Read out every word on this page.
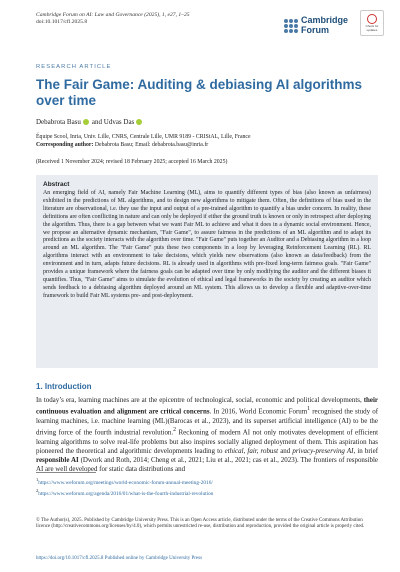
Cambridge Forum on AI: Law and Governance (2025), 1, e27, 1–25
doi:10.1017/cfl.2025.8	Cambridge
Forum	Check for updates
RESEARCH ARTICLE
The Fair Game: Auditing & debiasing AI algorithms over time
Debabrota Basu and Udvas Das
Équipe Scool, Inria, Univ. Lille, CNRS, Centrale Lille, UMR 9189 - CRIStAL, Lille, France
Corresponding author: Debabrota Basu; Email: debabrota.basu@inria.fr
(Received 1 November 2024; revised 18 February 2025; accepted 16 March 2025)
Abstract

An emerging field of AI, namely Fair Machine Learning (ML), aims to quantify different types of bias (also known as unfairness) exhibited in the predictions of ML algorithms, and to design new algorithms to mitigate them. Often, the definitions of bias used in the literature are observational, i.e. they use the input and output of a pre-trained algorithm to quantify a bias under concern. In reality, these definitions are often conflicting in nature and can only be deployed if either the ground truth is known or only in retrospect after deploying the algorithm. Thus, there is a gap between what we want Fair ML to achieve and what it does in a dynamic social environment. Hence, we propose an alternative dynamic mechanism, "Fair Game", to assure fairness in the predictions of an ML algorithm and to adapt its predictions as the society interacts with the algorithm over time. "Fair Game" puts together an Auditor and a Debiasing algorithm in a loop around an ML algorithm. The "Fair Game" puts these two components in a loop by leveraging Reinforcement Learning (RL). RL algorithms interact with an environment to take decisions, which yields new observations (also known as data/feedback) from the environment and in turn, adapts future decisions. RL is already used in algorithms with pre-fixed long-term fairness goals. "Fair Game" provides a unique framework where the fairness goals can be adapted over time by only modifying the auditor and the different biases it quantifies. Thus, "Fair Game" aims to simulate the evolution of ethical and legal frameworks in the society by creating an auditor which sends feedback to a debiasing algorithm deployed around an ML system. This allows us to develop a flexible and adaptive-over-time framework to build Fair ML systems pre- and post-deployment.

1. Introduction

In today’s era, learning machines are at the epicentre of technological, social, economic and political developments, their continuous evaluation and alignment are critical concerns. In 2016, World Economic Forum$^1$ recognised the study of learning machines, i.e. machine learning (ML)(Barocas et al., 2023), and its superset artificial intelligence (AI) to be the driving force of the fourth industrial revolution.$^2$ Reckoning of modern AI not only motivates development of efficient learning algorithms to solve real-life problems but also inspires socially aligned deployment of them. This aspiration has pioneered the theoretical and algorithmic developments leading to ethical, fair, robust and privacy-preserving AI, in brief responsible AI (Dwork and Roth, 2014; Cheng et al., 2021; Liu et al., 2021; cas et al., 2023). The frontiers of responsible AI are well developed for static data distributions and

$^1$https://www.weforum.org/meetings/world-economic-forum-annual-meeting-2016/
$^2$https://www.weforum.org/agenda/2016/01/what-is-the-fourth-industrial-revolution
© The Author(s), 2025. Published by Cambridge University Press. This is an Open Access article, distributed under the terms of the Creative Commons Attribution licence (http://creativecommons.org/licenses/by/4.0), which permits unrestricted re-use, distribution and reproduction, provided the original article is properly cited.
https://doi.org/10.1017/cfl.2025.8 Published online by Cambridge University Press
